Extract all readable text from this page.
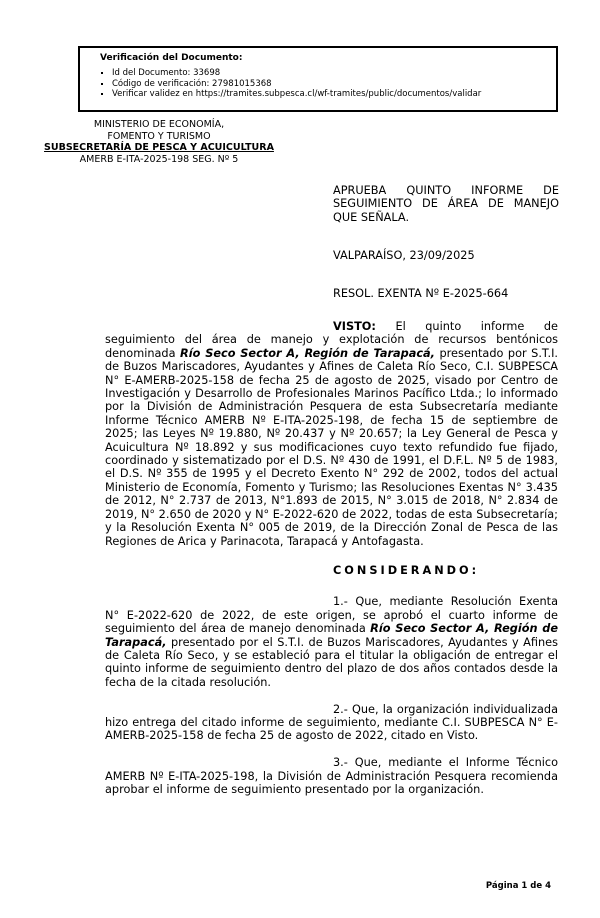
Verificación del Documento:
▪ Id del Documento: 33698
▪ Código de verificación: 27981015368
▪ Verificar validez en https://tramites.subpesca.cl/wf-tramites/public/documentos/validar
MINISTERIO DE ECONOMÍA,
FOMENTO Y TURISMO
SUBSECRETARÍA DE PESCA Y ACUICULTURA
AMERB E-ITA-2025-198 SEG. Nº 5
APRUEBA QUINTO INFORME DE SEGUIMIENTO DE ÁREA DE MANEJO QUE SEÑALA.
VALPARAÍSO, 23/09/2025
RESOL. EXENTA Nº E-2025-664

VISTO: El quinto informe de seguimiento del área de manejo y explotación de recursos bentónicos denominada Río Seco Sector A, Región de Tarapacá, presentado por S.T.I. de Buzos Mariscadores, Ayudantes y Afines de Caleta Río Seco, C.I. SUBPESCA N° E-AMERB-2025-158 de fecha 25 de agosto de 2025, visado por Centro de Investigación y Desarrollo de Profesionales Marinos Pacífico Ltda.; lo informado por la División de Administración Pesquera de esta Subsecretaría mediante Informe Técnico AMERB Nº E-ITA-2025-198, de fecha 15 de septiembre de 2025; las Leyes Nº 19.880, Nº 20.437 y Nº 20.657; la Ley General de Pesca y Acuicultura Nº 18.892 y sus modificaciones cuyo texto refundido fue fijado, coordinado y sistematizado por el D.S. Nº 430 de 1991, el D.F.L. Nº 5 de 1983, el D.S. Nº 355 de 1995 y el Decreto Exento N° 292 de 2002, todos del actual Ministerio de Economía, Fomento y Turismo; las Resoluciones Exentas N° 3.435 de 2012, N° 2.737 de 2013, N°1.893 de 2015, N° 3.015 de 2018, N° 2.834 de 2019, N° 2.650 de 2020 y N° E-2022-620 de 2022, todas de esta Subsecretaría; y la Resolución Exenta N° 005 de 2019, de la Dirección Zonal de Pesca de las Regiones de Arica y Parinacota, Tarapacá y Antofagasta.

CONSIDERANDO:

1.- Que, mediante Resolución Exenta N° E-2022-620 de 2022, de este origen, se aprobó el cuarto informe de seguimiento del área de manejo denominada Río Seco Sector A, Región de Tarapacá, presentado por el S.T.I. de Buzos Mariscadores, Ayudantes y Afines de Caleta Río Seco, y se estableció para el titular la obligación de entregar el quinto informe de seguimiento dentro del plazo de dos años contados desde la fecha de la citada resolución.

2.- Que, la organización individualizada hizo entrega del citado informe de seguimiento, mediante C.I. SUBPESCA N° E-AMERB-2025-158 de fecha 25 de agosto de 2022, citado en Visto.

3.- Que, mediante el Informe Técnico AMERB Nº E-ITA-2025-198, la División de Administración Pesquera recomienda aprobar el informe de seguimiento presentado por la organización.

Página 1 de 4
